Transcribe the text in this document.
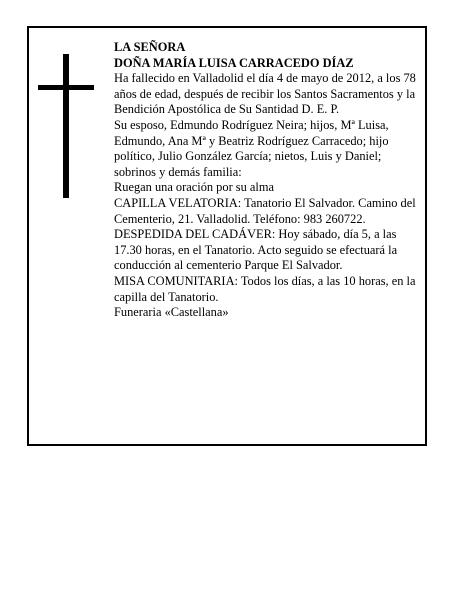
LA SEÑORA

DOÑA MARÍA LUISA CARRACEDO DÍAZ

Ha fallecido en Valladolid el día 4 de mayo de 2012, a los 78 años de edad, después de recibir los Santos Sacramentos y la Bendición Apostólica de Su Santidad D. E. P.

Su esposo, Edmundo Rodríguez Neira; hijos, Mª Luisa, Edmundo, Ana Mª y Beatriz Rodríguez Carracedo; hijo político, Julio González García; nietos, Luis y Daniel; sobrinos y demás familia:

Ruegan una oración por su alma

CAPILLA VELATORIA: Tanatorio El Salvador. Camino del Cementerio, 21. Valladolid. Teléfono: 983 260722.

DESPEDIDA DEL CADÁVER: Hoy sábado, día 5, a las 17.30 horas, en el Tanatorio. Acto seguido se efectuará la conducción al cementerio Parque El Salvador.

MISA COMUNITARIA: Todos los días, a las 10 horas, en la capilla del Tanatorio.

Funeraria «Castellana»
